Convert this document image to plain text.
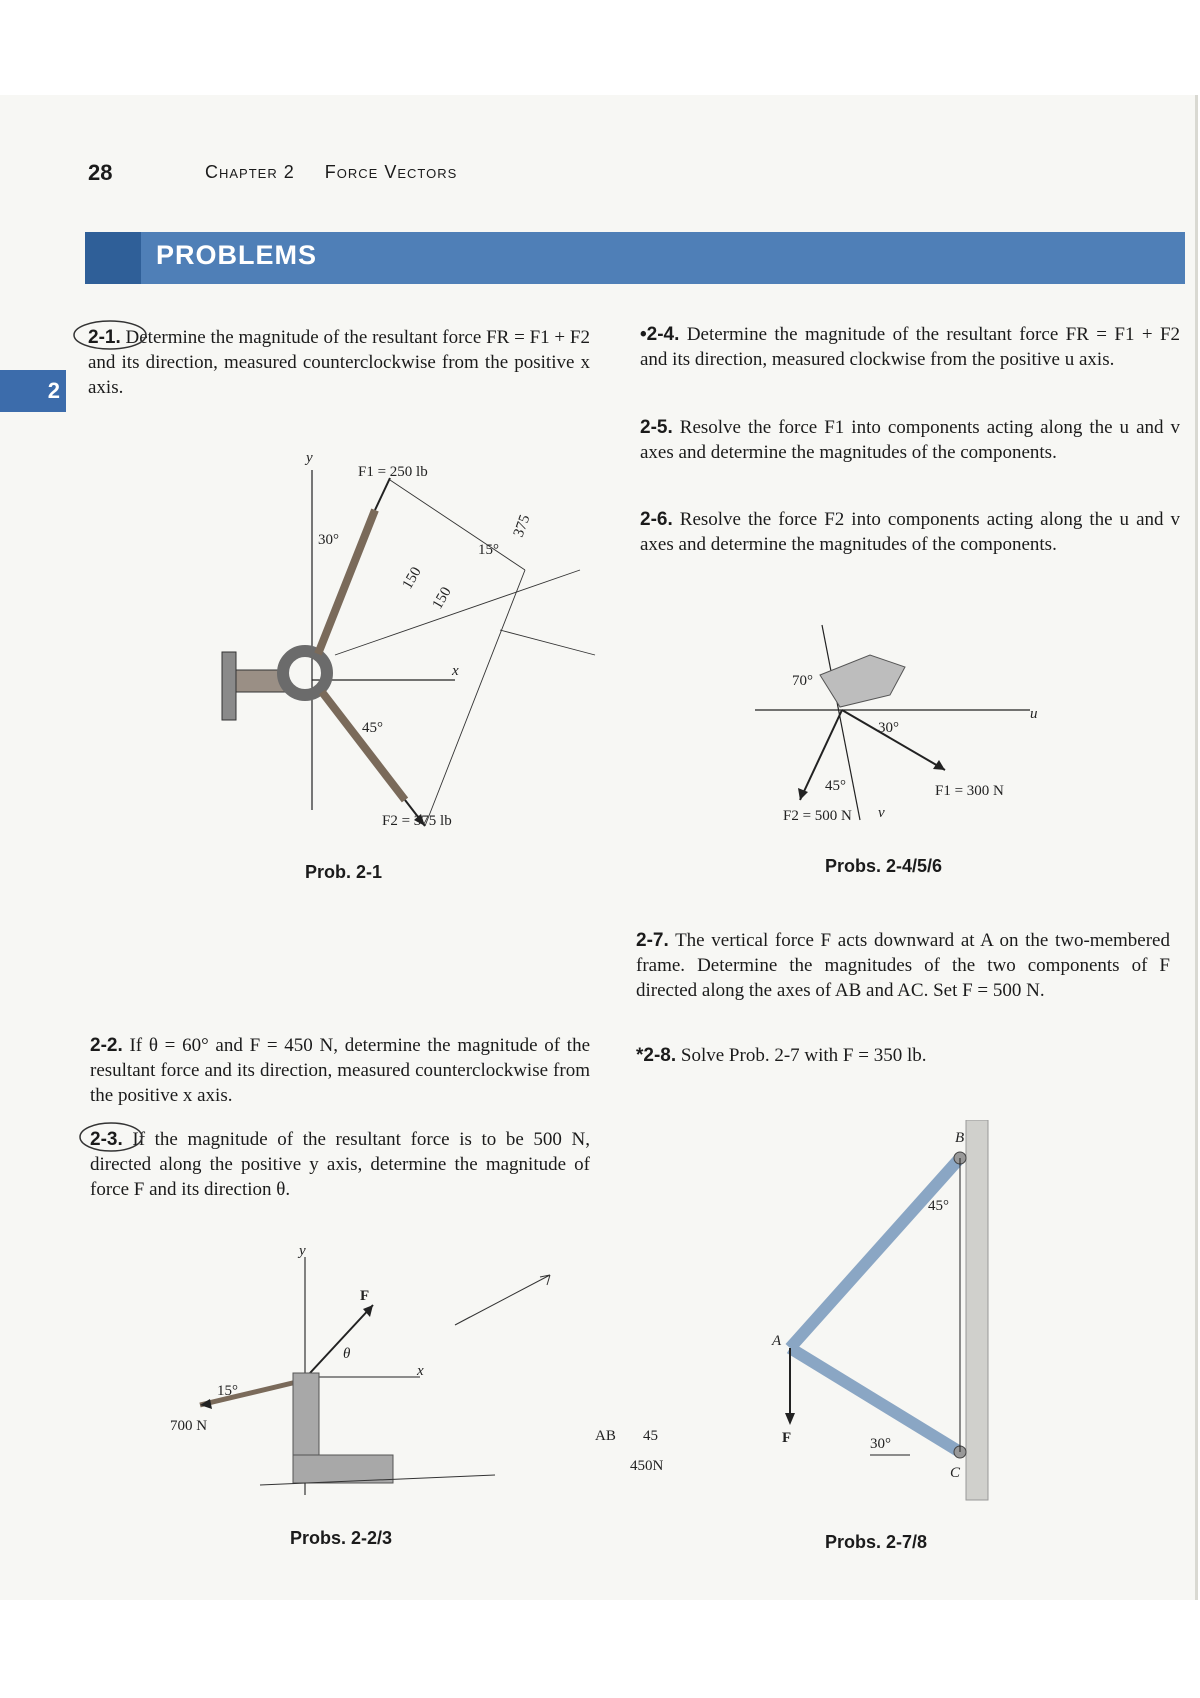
28	Chapter 2 Force Vectors
PROBLEMS
2
2-1. Determine the magnitude of the resultant force FR = F1 + F2 and its direction, measured counterclockwise from the positive x axis.
2-2. If θ = 60° and F = 450 N, determine the magnitude of the resultant force and its direction, measured counterclockwise from the positive x axis.
2-3. If the magnitude of the resultant force is to be 500 N, directed along the positive y axis, determine the magnitude of force F and its direction θ.
•2-4. Determine the magnitude of the resultant force FR = F1 + F2 and its direction, measured clockwise from the positive u axis.
2-5. Resolve the force F1 into components acting along the u and v axes and determine the magnitudes of the components.
2-6. Resolve the force F2 into components acting along the u and v axes and determine the magnitudes of the components.
2-7. The vertical force F acts downward at A on the two-membered frame. Determine the magnitudes of the two components of F directed along the axes of AB and AC. Set F = 500 N.
*2-8. Solve Prob. 2-7 with F = 350 lb.
y
x
F1 = 250 lb
F2 = 375 lb
30°
45°
150
150
375
15°
Prob. 2-1
u
v
70°
30°
45°	F1 = 300 N
F2 = 500 N
Probs. 2-4/5/6
y
x
F
θ
15°
700 N
AB 45
450N
Probs. 2-2/3
A
B
C
45°
30°
F
Probs. 2-7/8
